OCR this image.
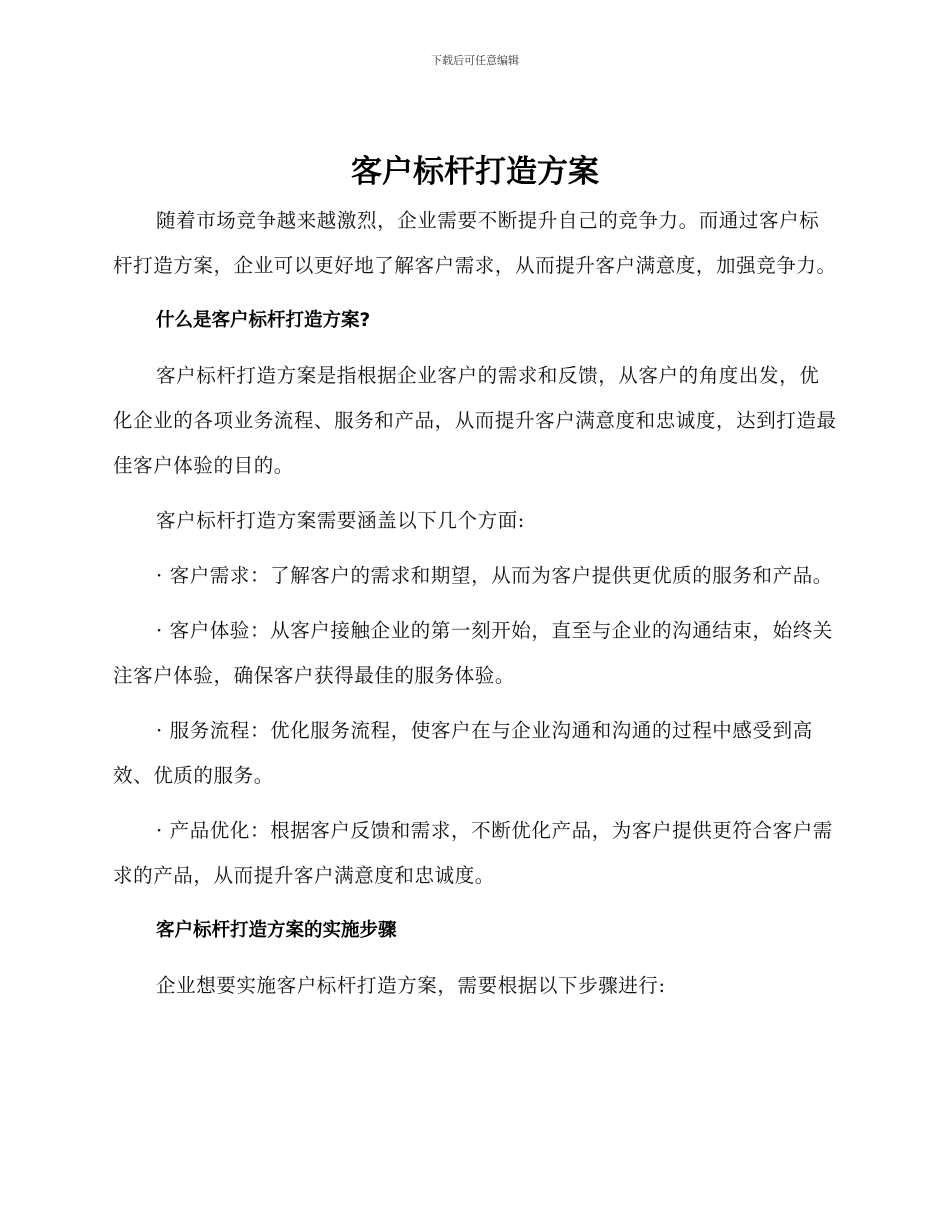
下载后可任意编辑
客户标杆打造方案

随着市场竞争越来越激烈，企业需要不断提升自己的竞争力。而通过客户标杆打造方案，企业可以更好地了解客户需求，从而提升客户满意度，加强竞争力。

什么是客户标杆打造方案?

客户标杆打造方案是指根据企业客户的需求和反馈，从客户的角度出发，优化企业的各项业务流程、服务和产品，从而提升客户满意度和忠诚度，达到打造最佳客户体验的目的。

客户标杆打造方案需要涵盖以下几个方面:

· 客户需求：了解客户的需求和期望，从而为客户提供更优质的服务和产品。

· 客户体验：从客户接触企业的第一刻开始，直至与企业的沟通结束，始终关注客户体验，确保客户获得最佳的服务体验。

· 服务流程：优化服务流程，使客户在与企业沟通和沟通的过程中感受到高效、优质的服务。

· 产品优化：根据客户反馈和需求，不断优化产品，为客户提供更符合客户需求的产品，从而提升客户满意度和忠诚度。

客户标杆打造方案的实施步骤

企业想要实施客户标杆打造方案，需要根据以下步骤进行:
